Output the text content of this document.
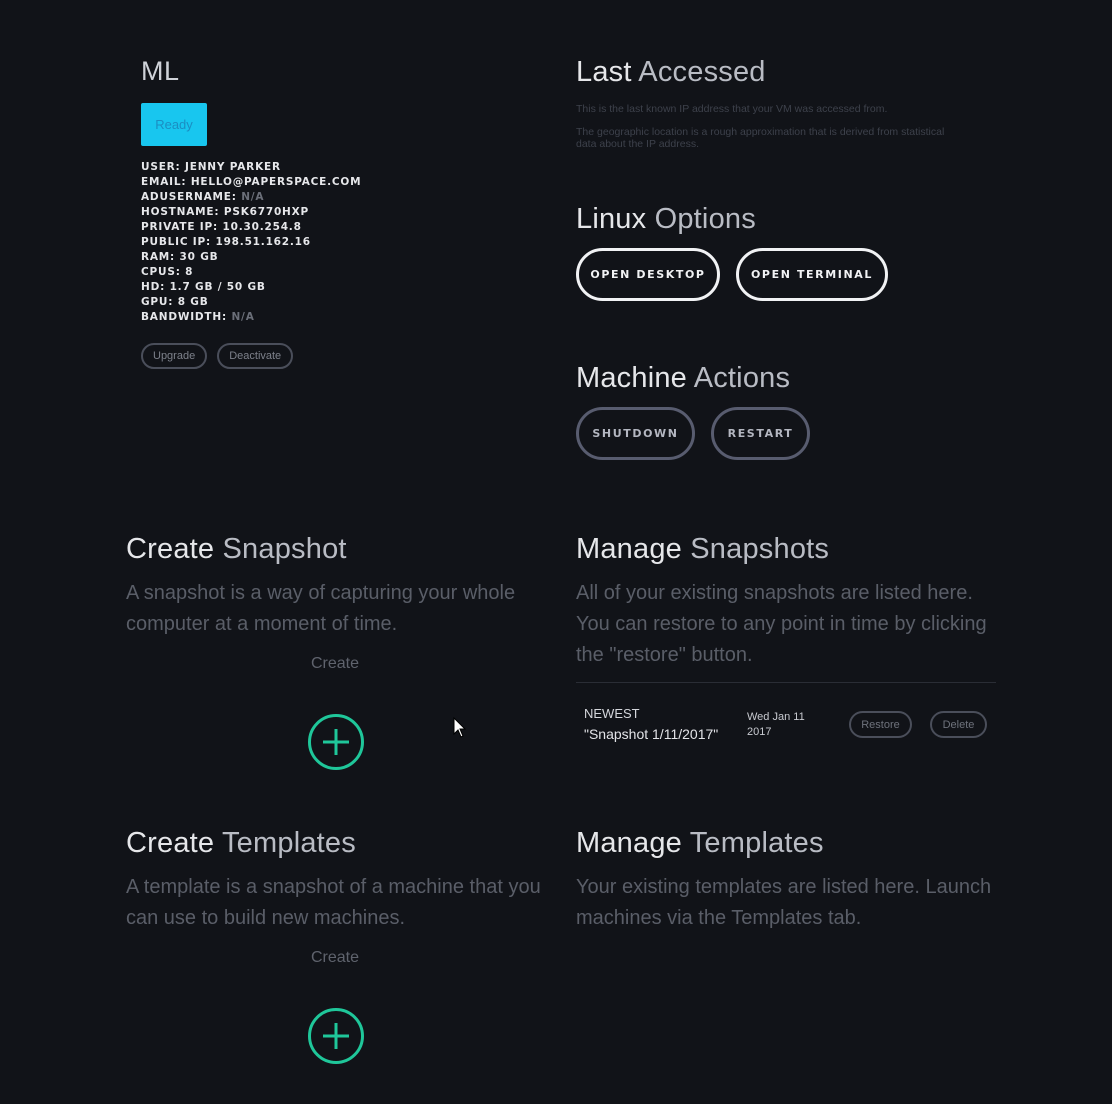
ML
Ready
USER: JENNY PARKER
EMAIL: HELLO@PAPERSPACE.COM
ADUSERNAME: N/A
HOSTNAME: PSK6770HXP
PRIVATE IP: 10.30.254.8
PUBLIC IP: 198.51.162.16
RAM: 30 GB
CPUS: 8
HD: 1.7 GB / 50 GB
GPU: 8 GB
BANDWIDTH: N/A
Upgrade	Deactivate
Last Accessed

This is the last known IP address that your VM was accessed from.

The geographic location is a rough approximation that is derived from statistical data about the IP address.

Linux Options
OPEN DESKTOP	OPEN TERMINAL
Machine Actions
SHUTDOWN	RESTART
Create Snapshot

A snapshot is a way of capturing your whole computer at a moment of time.

Create
Manage Snapshots

All of your existing snapshots are listed here. You can restore to any point in time by clicking the "restore" button.

NEWEST
"Snapshot 1/11/2017"
Wed Jan 11 2017
Restore	Delete
Create Templates

A template is a snapshot of a machine that you can use to build new machines.

Create
Manage Templates

Your existing templates are listed here. Launch machines via the Templates tab.
